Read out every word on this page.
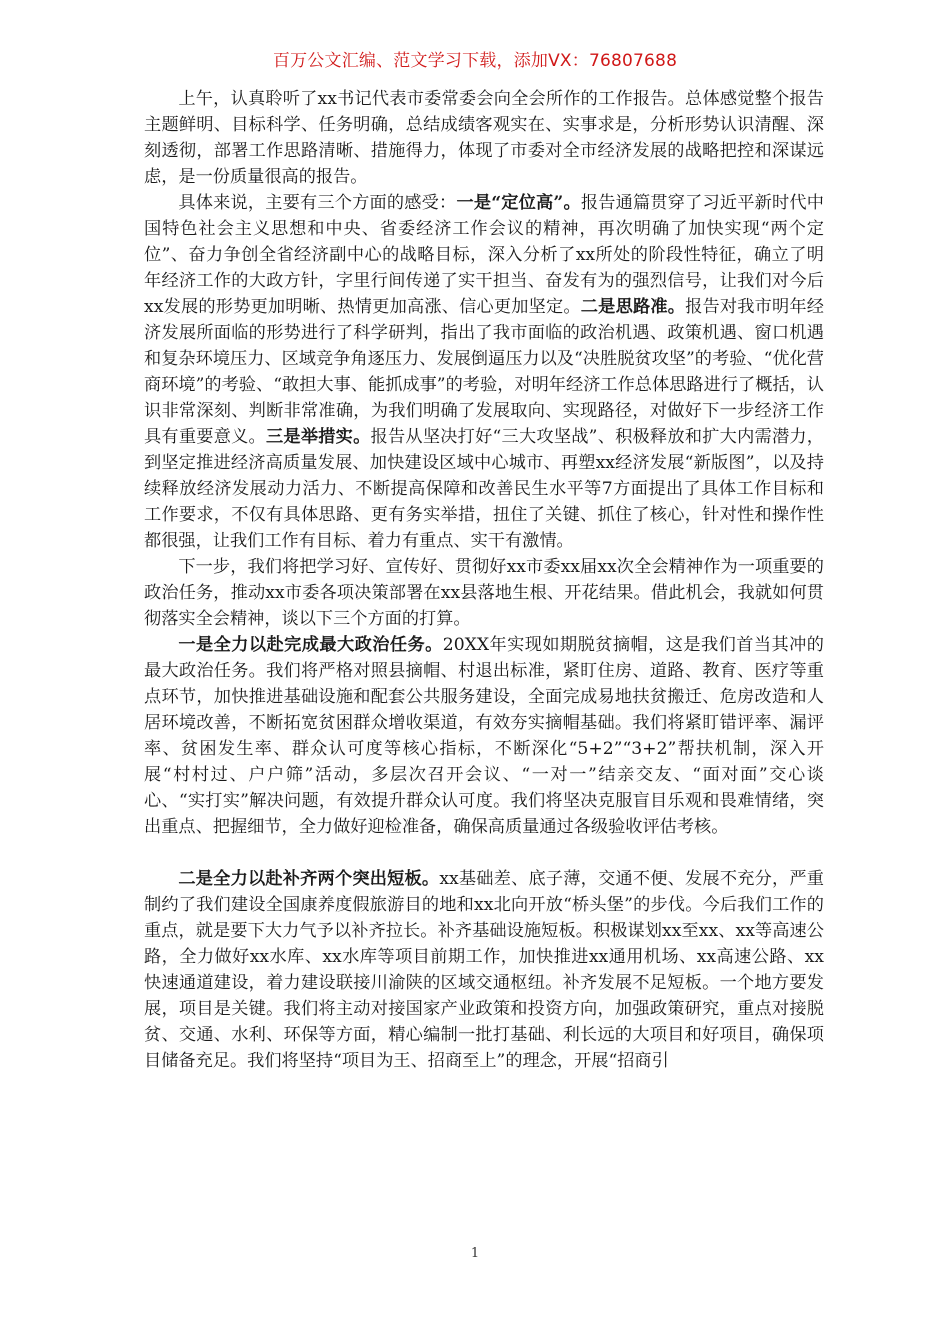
百万公文汇编、范文学习下载，添加VX：76807688

上午，认真聆听了xx书记代表市委常委会向全会所作的工作报告。总体感觉整个报告主题鲜明、目标科学、任务明确，总结成绩客观实在、实事求是，分析形势认识清醒、深刻透彻，部署工作思路清晰、措施得力，体现了市委对全市经济发展的战略把控和深谋远虑，是一份质量很高的报告。

具体来说，主要有三个方面的感受：一是“定位高”。报告通篇贯穿了习近平新时代中国特色社会主义思想和中央、省委经济工作会议的精神，再次明确了加快实现“两个定位”、奋力争创全省经济副中心的战略目标，深入分析了xx所处的阶段性特征，确立了明年经济工作的大政方针，字里行间传递了实干担当、奋发有为的强烈信号，让我们对今后xx发展的形势更加明晰、热情更加高涨、信心更加坚定。二是思路准。报告对我市明年经济发展所面临的形势进行了科学研判，指出了我市面临的政治机遇、政策机遇、窗口机遇和复杂环境压力、区域竞争角逐压力、发展倒逼压力以及“决胜脱贫攻坚”的考验、“优化营商环境”的考验、“敢担大事、能抓成事”的考验，对明年经济工作总体思路进行了概括，认识非常深刻、判断非常准确，为我们明确了发展取向、实现路径，对做好下一步经济工作具有重要意义。三是举措实。报告从坚决打好“三大攻坚战”、积极释放和扩大内需潜力，到坚定推进经济高质量发展、加快建设区域中心城市、再塑xx经济发展“新版图”，以及持续释放经济发展动力活力、不断提高保障和改善民生水平等7方面提出了具体工作目标和工作要求，不仅有具体思路、更有务实举措，扭住了关键、抓住了核心，针对性和操作性都很强，让我们工作有目标、着力有重点、实干有激情。

下一步，我们将把学习好、宣传好、贯彻好xx市委xx届xx次全会精神作为一项重要的政治任务，推动xx市委各项决策部署在xx县落地生根、开花结果。借此机会，我就如何贯彻落实全会精神，谈以下三个方面的打算。

一是全力以赴完成最大政治任务。20XX年实现如期脱贫摘帽，这是我们首当其冲的最大政治任务。我们将严格对照县摘帽、村退出标准，紧盯住房、道路、教育、医疗等重点环节，加快推进基础设施和配套公共服务建设，全面完成易地扶贫搬迁、危房改造和人居环境改善，不断拓宽贫困群众增收渠道，有效夯实摘帽基础。我们将紧盯错评率、漏评率、贫困发生率、群众认可度等核心指标，不断深化“5+2”“3+2”帮扶机制，深入开展“村村过、户户筛”活动，多层次召开会议、“一对一”结亲交友、“面对面”交心谈心、“实打实”解决问题，有效提升群众认可度。我们将坚决克服盲目乐观和畏难情绪，突出重点、把握细节，全力做好迎检准备，确保高质量通过各级验收评估考核。

二是全力以赴补齐两个突出短板。xx基础差、底子薄，交通不便、发展不充分，严重制约了我们建设全国康养度假旅游目的地和xx北向开放“桥头堡”的步伐。今后我们工作的重点，就是要下大力气予以补齐拉长。补齐基础设施短板。积极谋划xx至xx、xx等高速公路，全力做好xx水库、xx水库等项目前期工作，加快推进xx通用机场、xx高速公路、xx快速通道建设，着力建设联接川渝陕的区域交通枢纽。补齐发展不足短板。一个地方要发展，项目是关键。我们将主动对接国家产业政策和投资方向，加强政策研究，重点对接脱贫、交通、水利、环保等方面，精心编制一批打基础、利长远的大项目和好项目，确保项目储备充足。我们将坚持“项目为王、招商至上”的理念，开展“招商引

1
